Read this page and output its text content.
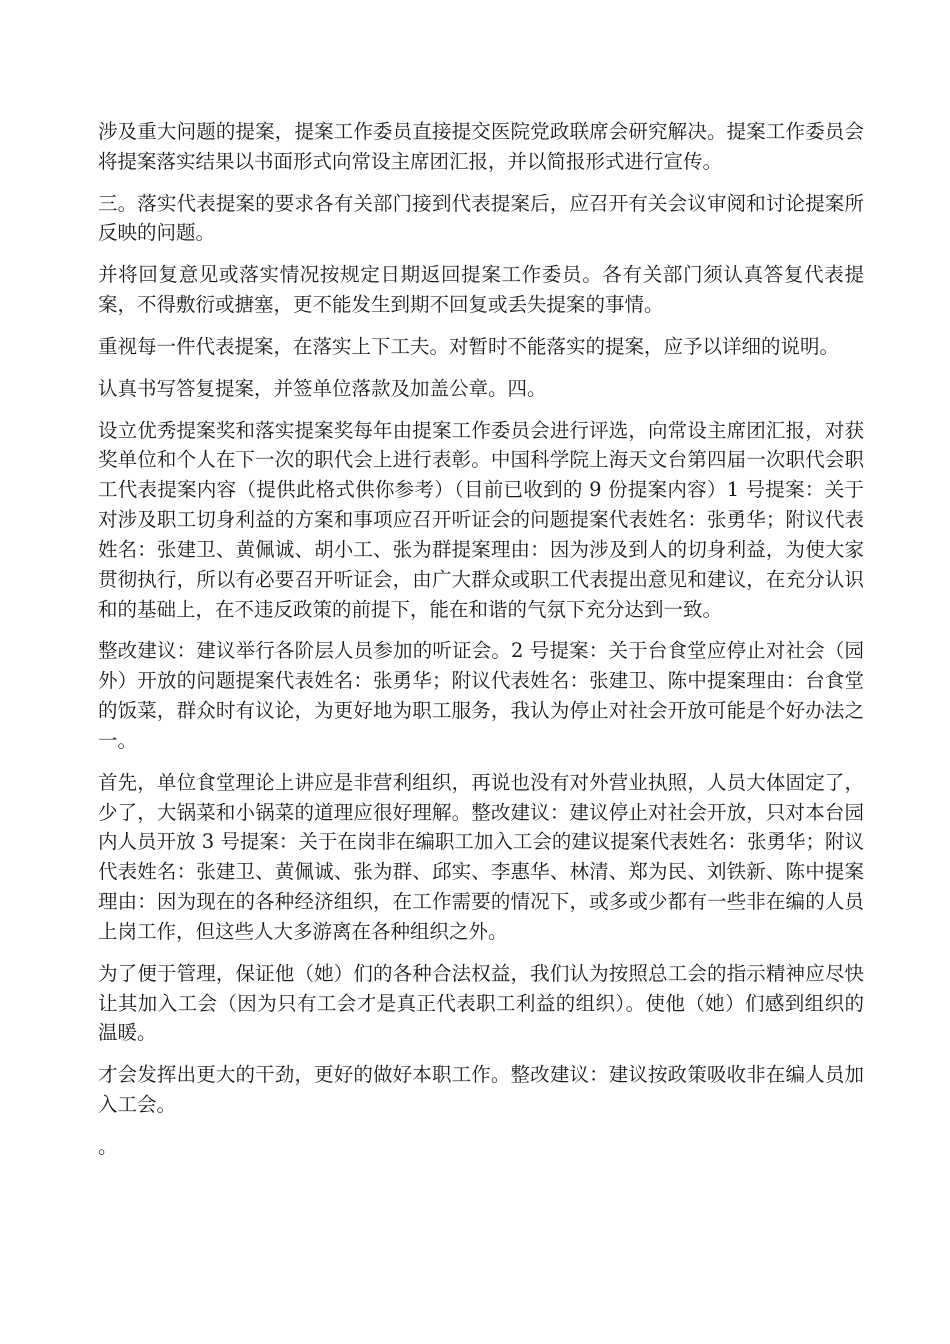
涉及重大问题的提案，提案工作委员直接提交医院党政联席会研究解决。提案工作委员会将提案落实结果以书面形式向常设主席团汇报，并以简报形式进行宣传。

三。落实代表提案的要求各有关部门接到代表提案后，应召开有关会议审阅和讨论提案所反映的问题。

并将回复意见或落实情况按规定日期返回提案工作委员。各有关部门须认真答复代表提案，不得敷衍或搪塞，更不能发生到期不回复或丢失提案的事情。

重视每一件代表提案，在落实上下工夫。对暂时不能落实的提案，应予以详细的说明。

认真书写答复提案，并签单位落款及加盖公章。四。

设立优秀提案奖和落实提案奖每年由提案工作委员会进行评选，向常设主席团汇报，对获奖单位和个人在下一次的职代会上进行表彰。中国科学院上海天文台第四届一次职代会职工代表提案内容（提供此格式供你参考）（目前已收到的 9 份提案内容）1 号提案：关于对涉及职工切身利益的方案和事项应召开听证会的问题提案代表姓名：张勇华；附议代表姓名：张建卫、黄佩诚、胡小工、张为群提案理由：因为涉及到人的切身利益，为使大家贯彻执行，所以有必要召开听证会，由广大群众或职工代表提出意见和建议，在充分认识和的基础上，在不违反政策的前提下，能在和谐的气氛下充分达到一致。

整改建议：建议举行各阶层人员参加的听证会。2 号提案：关于台食堂应停止对社会（园外）开放的问题提案代表姓名：张勇华；附议代表姓名：张建卫、陈中提案理由：台食堂的饭菜，群众时有议论，为更好地为职工服务，我认为停止对社会开放可能是个好办法之一。

首先，单位食堂理论上讲应是非营利组织，再说也没有对外营业执照，人员大体固定了，少了，大锅菜和小锅菜的道理应很好理解。整改建议：建议停止对社会开放，只对本台园内人员开放 3 号提案：关于在岗非在编职工加入工会的建议提案代表姓名：张勇华；附议代表姓名：张建卫、黄佩诚、张为群、邱实、李惠华、林清、郑为民、刘铁新、陈中提案理由：因为现在的各种经济组织，在工作需要的情况下，或多或少都有一些非在编的人员上岗工作，但这些人大多游离在各种组织之外。

为了便于管理，保证他（她）们的各种合法权益，我们认为按照总工会的指示精神应尽快让其加入工会（因为只有工会才是真正代表职工利益的组织）。使他（她）们感到组织的温暖。

才会发挥出更大的干劲，更好的做好本职工作。整改建议：建议按政策吸收非在编人员加入工会。

。
